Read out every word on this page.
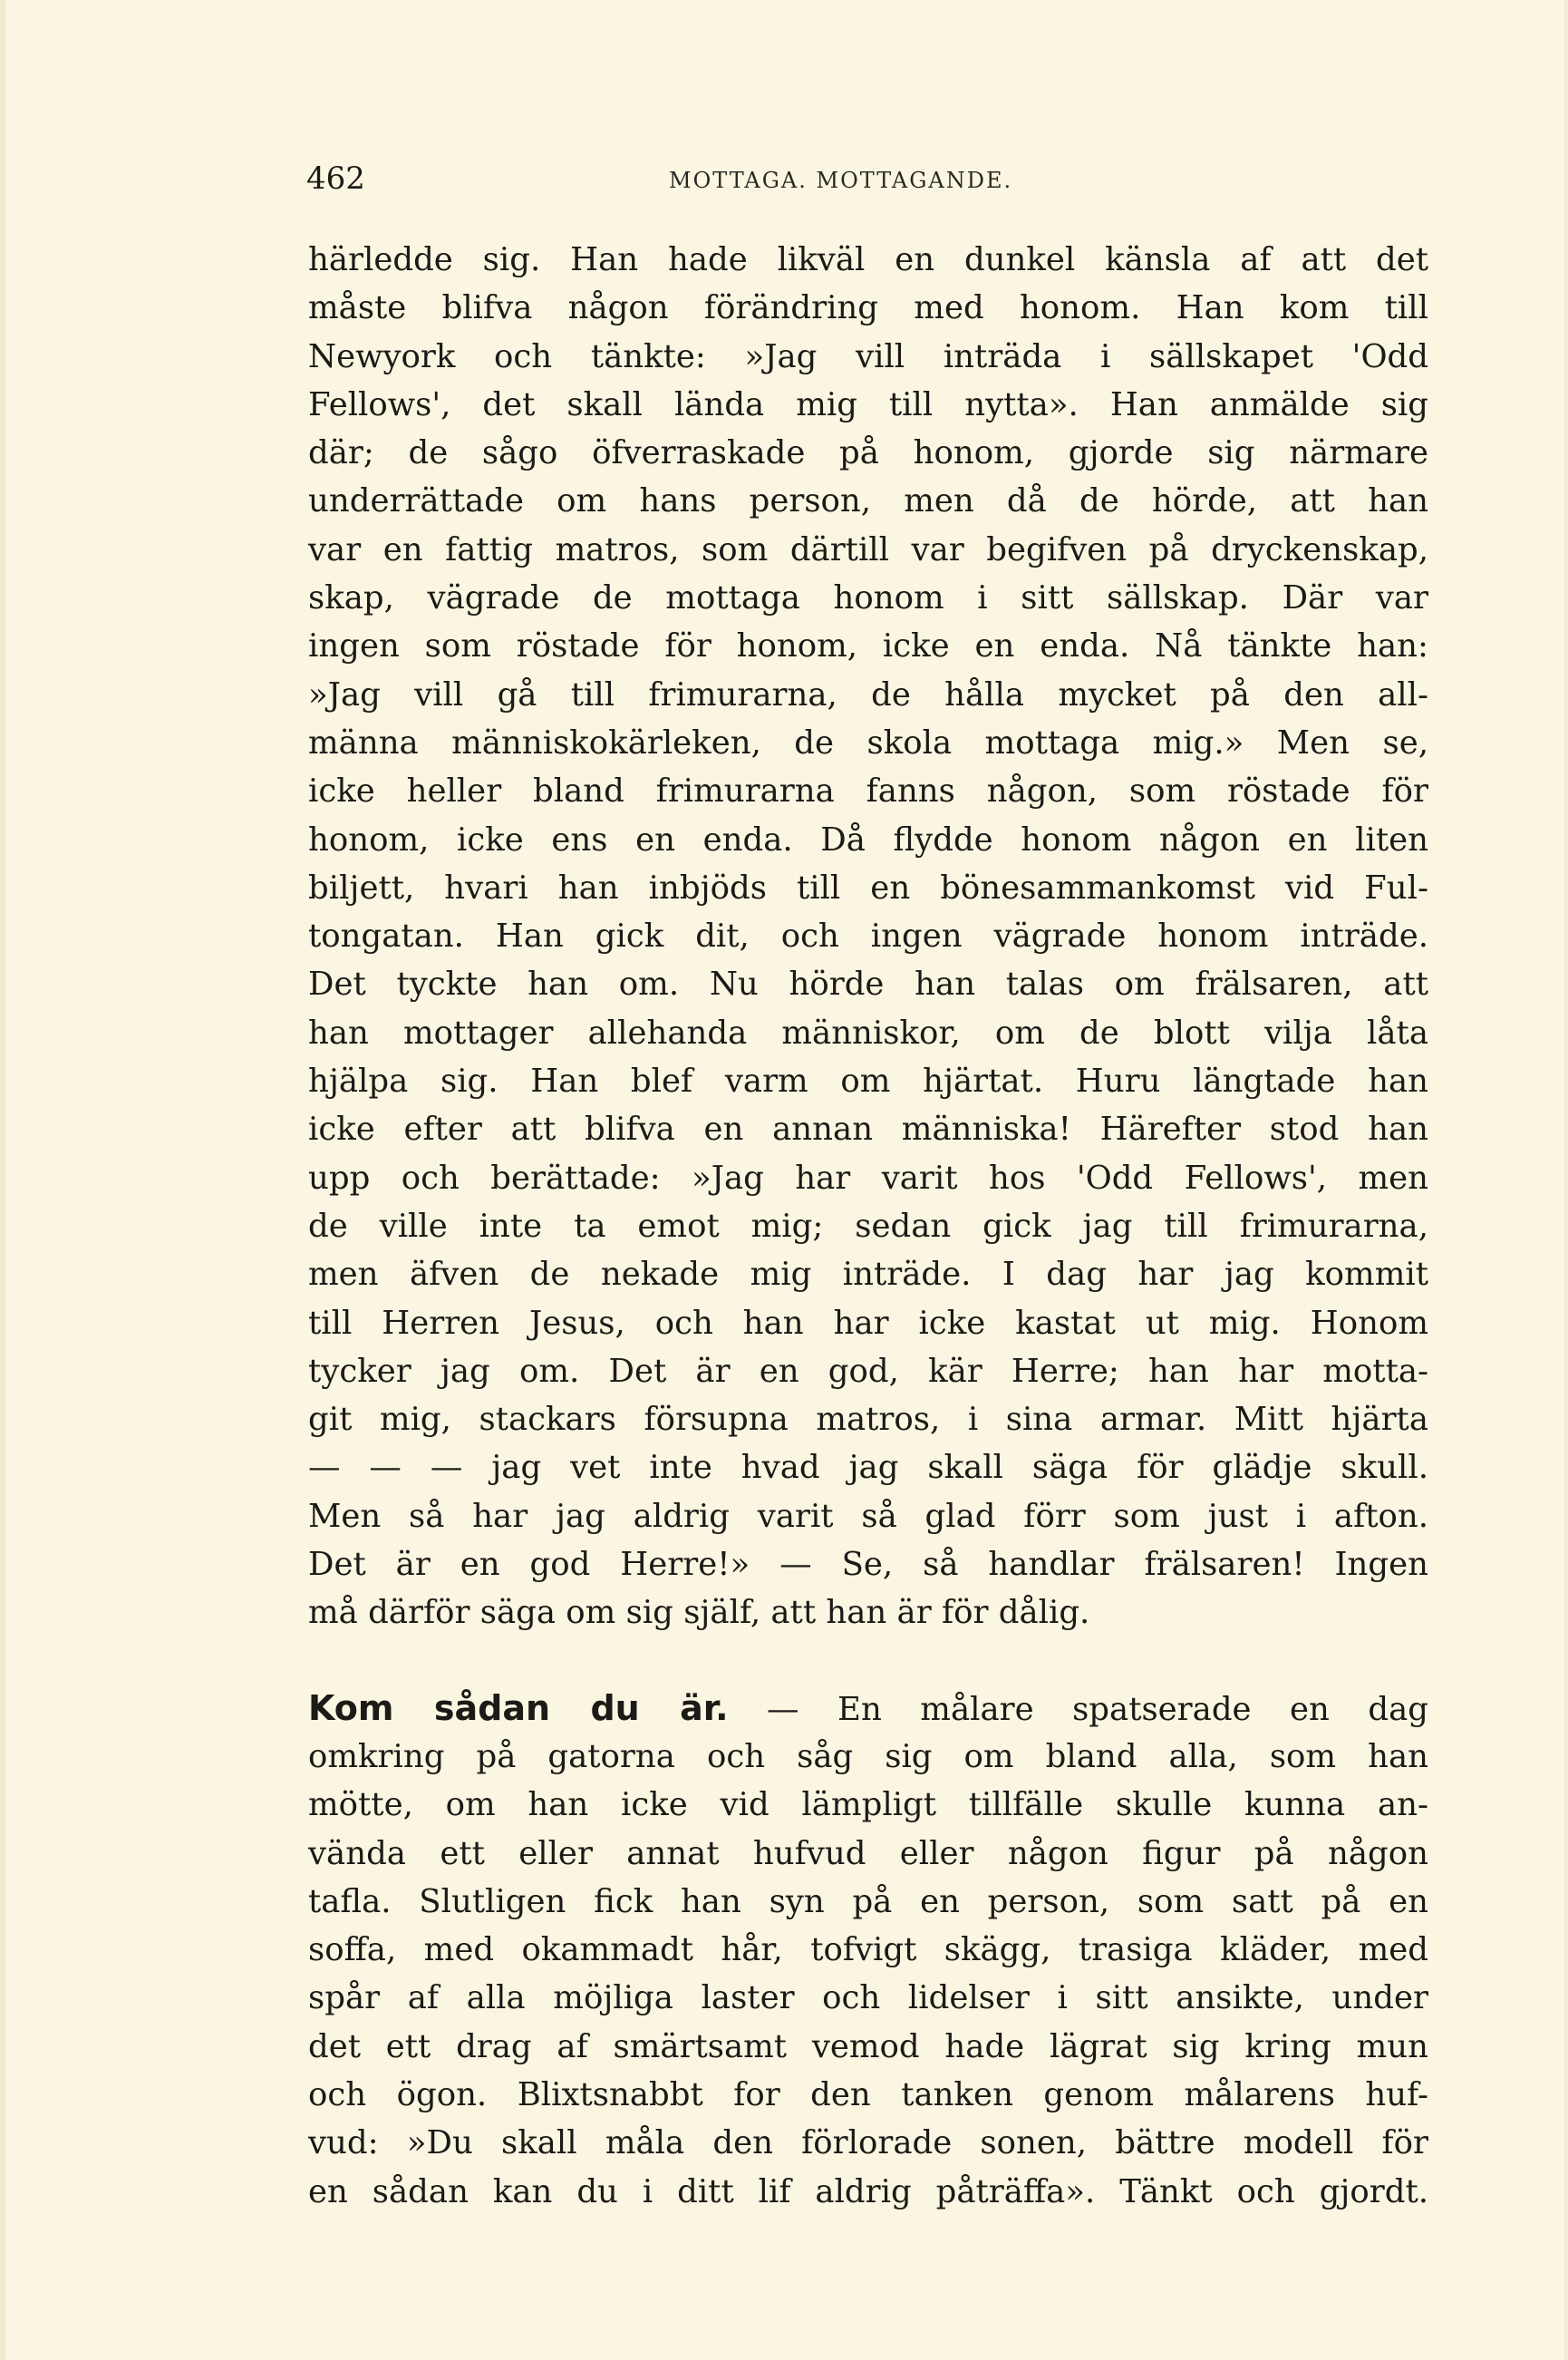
462	MOTTAGA. MOTTAGANDE.
härledde sig. Han hade likväl en dunkel känsla af att det
måste blifva någon förändring med honom. Han kom till
Newyork och tänkte: »Jag vill inträda i sällskapet 'Odd
Fellows', det skall lända mig till nytta». Han anmälde sig
där; de sågo öfverraskade på honom, gjorde sig närmare
underrättade om hans person, men då de hörde, att han
var en fattig matros, som därtill var begifven på dryckenskap,
skap, vägrade de mottaga honom i sitt sällskap. Där var
ingen som röstade för honom, icke en enda. Nå tänkte han:
»Jag vill gå till frimurarna, de hålla mycket på den all-
männa människokärleken, de skola mottaga mig.» Men se,
icke heller bland frimurarna fanns någon, som röstade för
honom, icke ens en enda. Då flydde honom någon en liten
biljett, hvari han inbjöds till en bönesammankomst vid Ful-
tongatan. Han gick dit, och ingen vägrade honom inträde.
Det tyckte han om. Nu hörde han talas om frälsaren, att
han mottager allehanda människor, om de blott vilja låta
hjälpa sig. Han blef varm om hjärtat. Huru längtade han
icke efter att blifva en annan människa! Härefter stod han
upp och berättade: »Jag har varit hos 'Odd Fellows', men
de ville inte ta emot mig; sedan gick jag till frimurarna,
men äfven de nekade mig inträde. I dag har jag kommit
till Herren Jesus, och han har icke kastat ut mig. Honom
tycker jag om. Det är en god, kär Herre; han har motta-
git mig, stackars försupna matros, i sina armar. Mitt hjärta
— — — jag vet inte hvad jag skall säga för glädje skull.
Men så har jag aldrig varit så glad förr som just i afton.
Det är en god Herre!» — Se, så handlar frälsaren! Ingen
må därför säga om sig själf, att han är för dålig.
Kom sådan du är. — En målare spatserade en dag
omkring på gatorna och såg sig om bland alla, som han
mötte, om han icke vid lämpligt tillfälle skulle kunna an-
vända ett eller annat hufvud eller någon figur på någon
tafla. Slutligen fick han syn på en person, som satt på en
soffa, med okammadt hår, tofvigt skägg, trasiga kläder, med
spår af alla möjliga laster och lidelser i sitt ansikte, under
det ett drag af smärtsamt vemod hade lägrat sig kring mun
och ögon. Blixtsnabbt for den tanken genom målarens huf-
vud: »Du skall måla den förlorade sonen, bättre modell för
en sådan kan du i ditt lif aldrig påträffa». Tänkt och gjordt.
